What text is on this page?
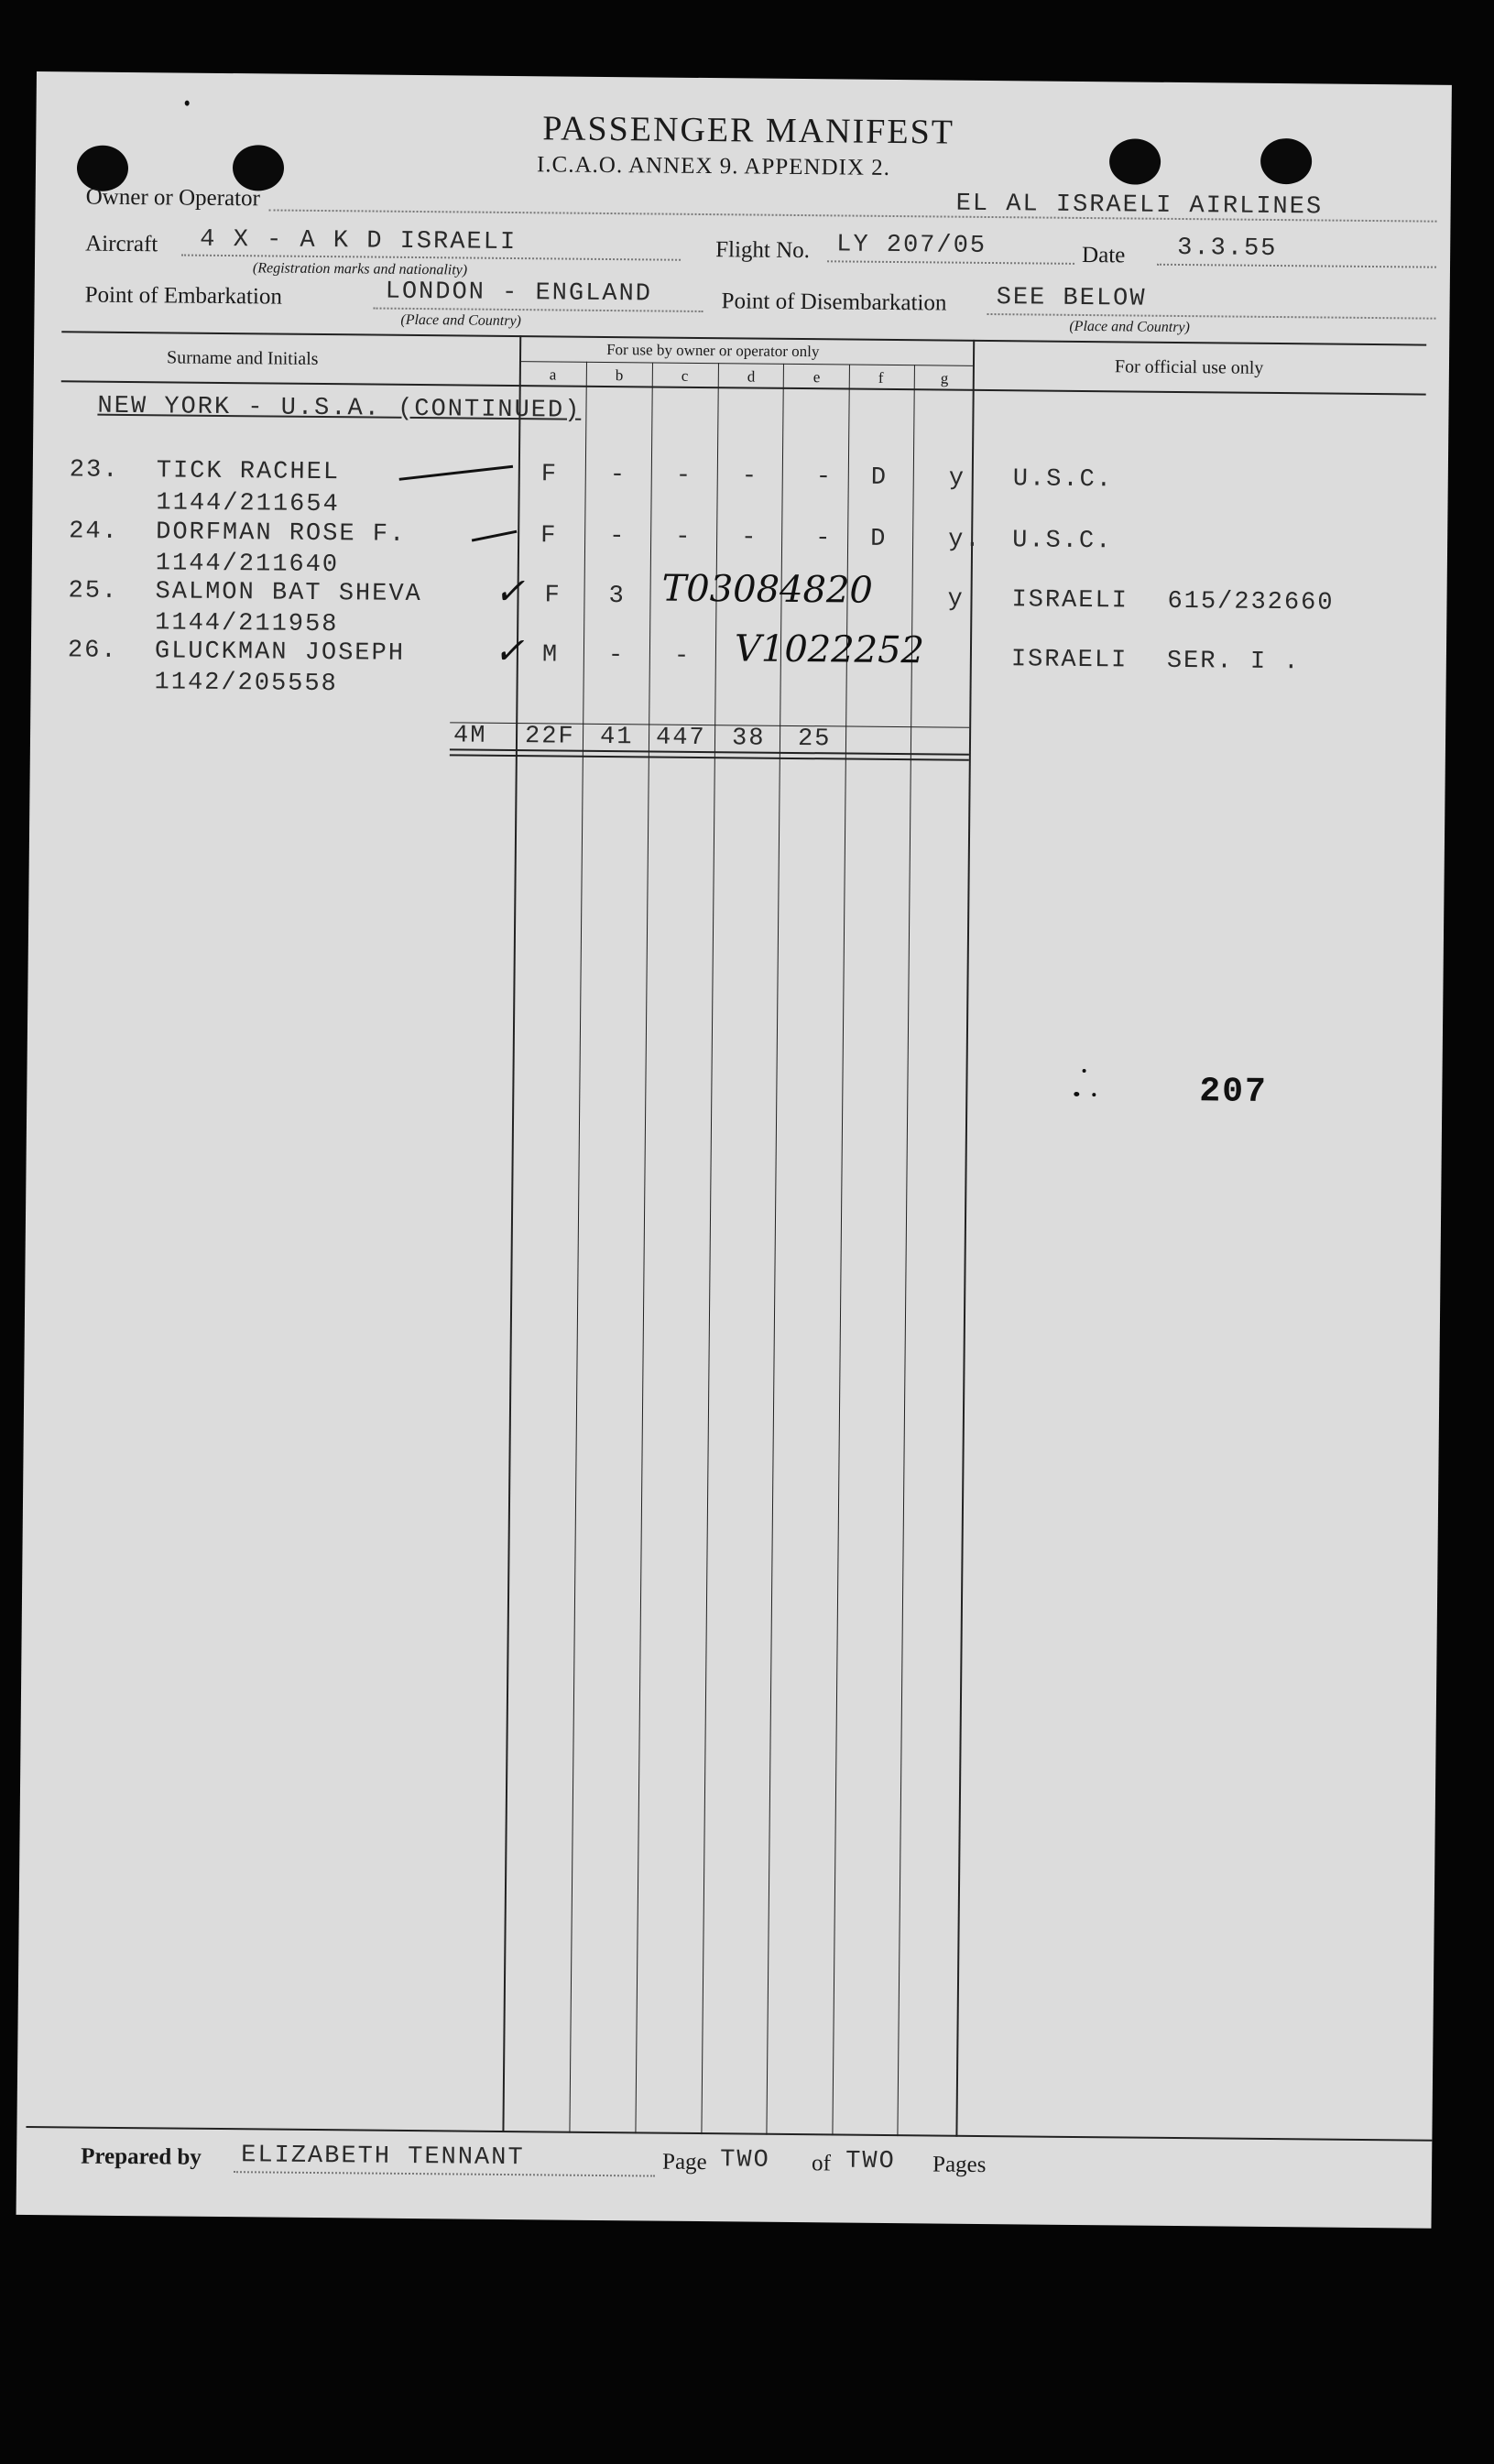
PASSENGER MANIFEST
I.C.A.O. ANNEX 9. APPENDIX 2.
Owner or Operator	EL AL ISRAELI AIRLINES
Aircraft 4 X - A K D ISRAELI
(Registration marks and nationality)
Flight No. LY 207/05	Date 3.3.55
Point of Embarkation	LONDON - ENGLAND
(Place and Country)
Point of Disembarkation SEE BELOW
(Place and Country)
Surname and Initials	For use by owner or operator only
For official use only
a	b	c	d	e	f	g
NEW YORK - U.S.A. (CONTINUED)
23. TICK RACHEL
1144/211654
F - - - - D y U.S.C.
24. DORFMAN ROSE F.
1144/211640
F - - - - D y. U.S.C.
25. SALMON BAT SHEVA
1144/211958
✓ F 3 T03084820	y ISRAELI 615/232660
26. GLUCKMAN JOSEPH
1142/205558
✓ M - - V1022252	ISRAELI SER. I .
4M 22F 41 447 38 25
207
Prepared by ELIZABETH TENNANT	Page TWO of TWO Pages
